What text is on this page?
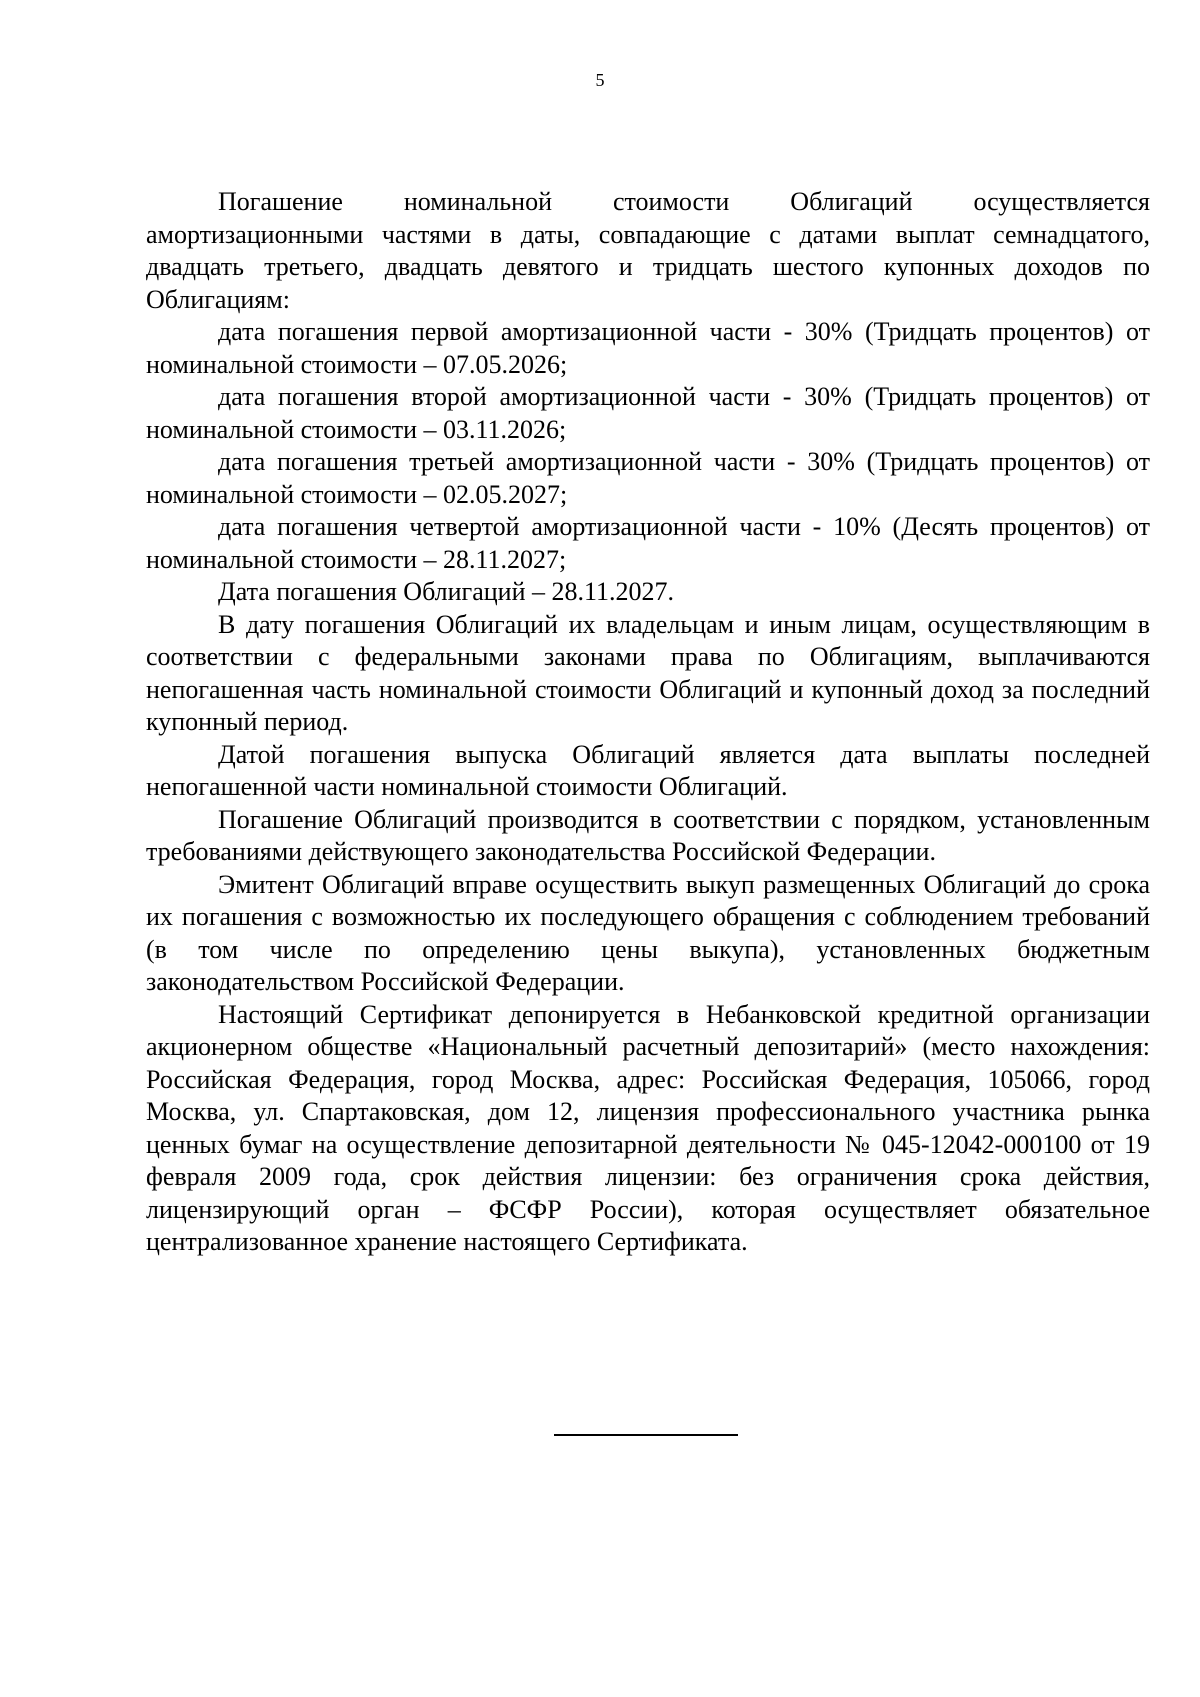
5

Погашение номинальной стоимости Облигаций осуществляется амортизационными частями в даты, совпадающие с датами выплат семнадцатого, двадцать третьего, двадцать девятого и тридцать шестого купонных доходов по Облигациям:

дата погашения первой амортизационной части - 30% (Тридцать процентов) от номинальной стоимости – 07.05.2026;

дата погашения второй амортизационной части - 30% (Тридцать процентов) от номинальной стоимости – 03.11.2026;

дата погашения третьей амортизационной части - 30% (Тридцать процентов) от номинальной стоимости – 02.05.2027;

дата погашения четвертой амортизационной части - 10% (Десять процентов) от номинальной стоимости – 28.11.2027;

Дата погашения Облигаций – 28.11.2027.

В дату погашения Облигаций их владельцам и иным лицам, осуществляющим в соответствии с федеральными законами права по Облигациям, выплачиваются непогашенная часть номинальной стоимости Облигаций и купонный доход за последний купонный период.

Датой погашения выпуска Облигаций является дата выплаты последней непогашенной части номинальной стоимости Облигаций.

Погашение Облигаций производится в соответствии с порядком, установленным требованиями действующего законодательства Российской Федерации.

Эмитент Облигаций вправе осуществить выкуп размещенных Облигаций до срока их погашения с возможностью их последующего обращения с соблюдением требований (в том числе по определению цены выкупа), установленных бюджетным законодательством Российской Федерации.

Настоящий Сертификат депонируется в Небанковской кредитной организации акционерном обществе «Национальный расчетный депозитарий» (место нахождения: Российская Федерация, город Москва, адрес: Российская Федерация, 105066, город Москва, ул. Спартаковская, дом 12, лицензия профессионального участника рынка ценных бумаг на осуществление депозитарной деятельности № 045-12042-000100 от 19 февраля 2009 года, срок действия лицензии: без ограничения срока действия, лицензирующий орган – ФСФР России), которая осуществляет обязательное централизованное хранение настоящего Сертификата.
